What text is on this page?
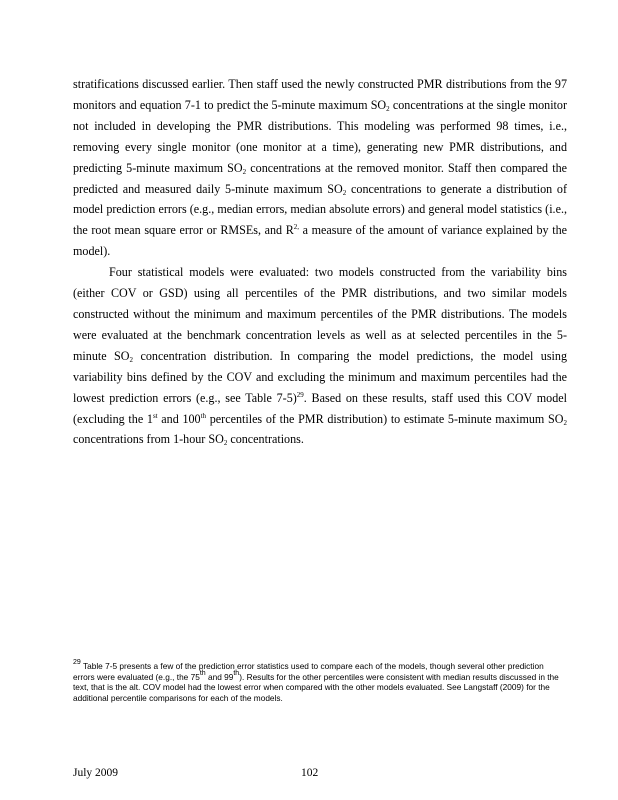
stratifications discussed earlier. Then staff used the newly constructed PMR distributions from the 97 monitors and equation 7-1 to predict the 5-minute maximum $SO_2$ concentrations at the single monitor not included in developing the PMR distributions. This modeling was performed 98 times, i.e., removing every single monitor (one monitor at a time), generating new PMR distributions, and predicting 5-minute maximum $SO_2$ concentrations at the removed monitor. Staff then compared the predicted and measured daily 5-minute maximum $SO_2$ concentrations to generate a distribution of model prediction errors (e.g., median errors, median absolute errors) and general model statistics (i.e., the root mean square error or RMSEs, and $R^{2,}$ a measure of the amount of variance explained by the model).

Four statistical models were evaluated: two models constructed from the variability bins (either COV or GSD) using all percentiles of the PMR distributions, and two similar models constructed without the minimum and maximum percentiles of the PMR distributions. The models were evaluated at the benchmark concentration levels as well as at selected percentiles in the 5-minute $SO_2$ concentration distribution. In comparing the model predictions, the model using variability bins defined by the COV and excluding the minimum and maximum percentiles had the lowest prediction errors (e.g., see Table 7-5)$^{29}$. Based on these results, staff used this COV model (excluding the 1st and 100th percentiles of the PMR distribution) to estimate 5-minute maximum $SO_2$ concentrations from 1-hour $SO_2$ concentrations.

$^{29}$ Table 7-5 presents a few of the prediction error statistics used to compare each of the models, though several other prediction errors were evaluated (e.g., the 75th and 99th). Results for the other percentiles were consistent with median results discussed in the text, that is the alt. COV model had the lowest error when compared with the other models evaluated. See Langstaff (2009) for the additional percentile comparisons for each of the models.

July 2009	102
